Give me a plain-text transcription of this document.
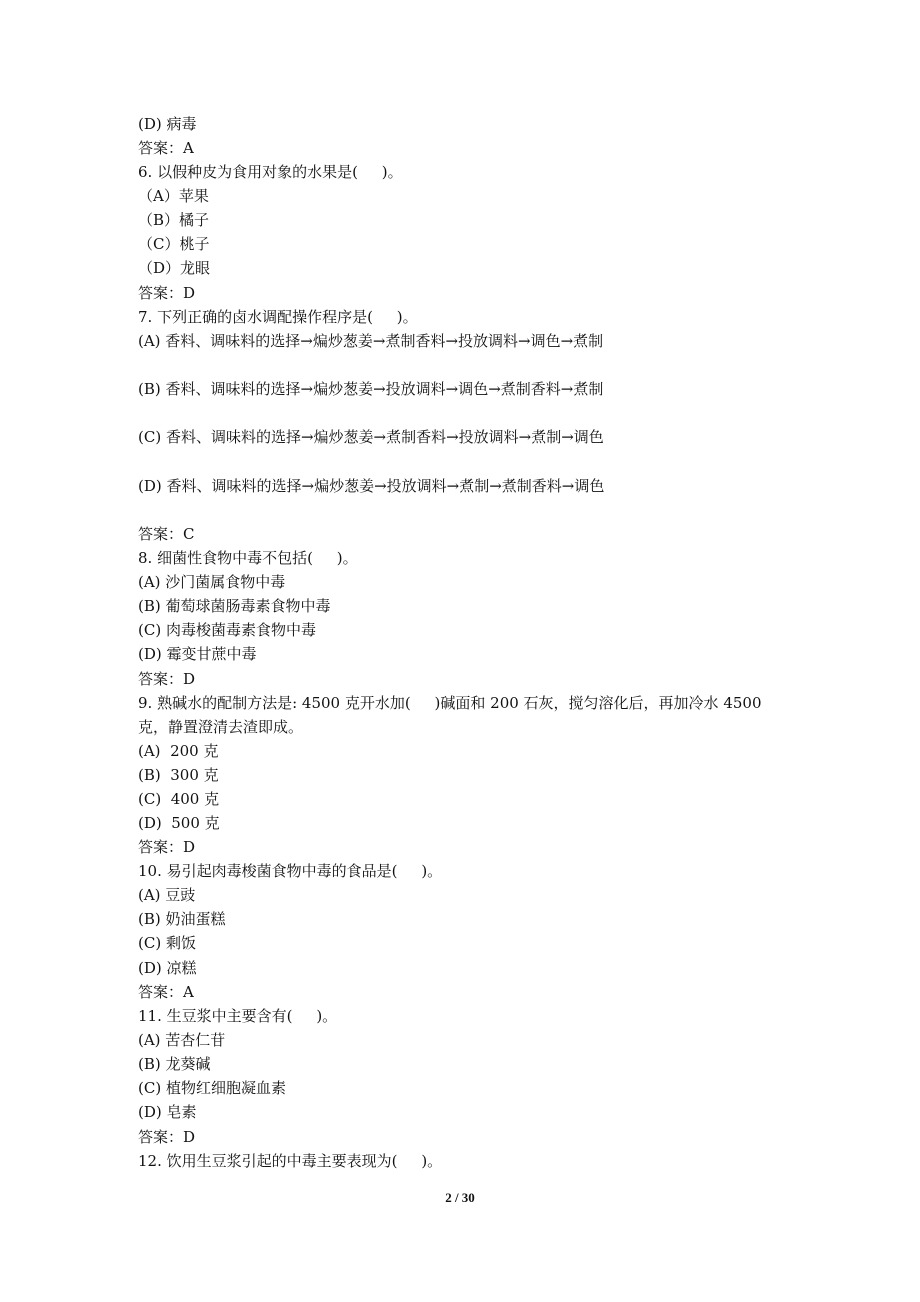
(D) 病毒
答案：A
6. 以假种皮为食用对象的水果是(     )。
（A）苹果
（B）橘子
（C）桃子
（D）龙眼
答案：D
7. 下列正确的卤水调配操作程序是(     )。
(A) 香料、调味料的选择→煸炒葱姜→煮制香料→投放调料→调色→煮制
(B) 香料、调味料的选择→煸炒葱姜→投放调料→调色→煮制香料→煮制
(C) 香料、调味料的选择→煸炒葱姜→煮制香料→投放调料→煮制→调色
(D) 香料、调味料的选择→煸炒葱姜→投放调料→煮制→煮制香料→调色
答案：C
8. 细菌性食物中毒不包括(     )。
(A) 沙门菌属食物中毒
(B) 葡萄球菌肠毒素食物中毒
(C) 肉毒梭菌毒素食物中毒
(D) 霉变甘蔗中毒
答案：D
9. 熟碱水的配制方法是: 4500 克开水加(     )碱面和 200 石灰，搅匀溶化后，再加冷水 4500
克，静置澄清去渣即成。
(A)  200 克
(B)  300 克
(C)  400 克
(D)  500 克
答案：D
10. 易引起肉毒梭菌食物中毒的食品是(     )。
(A) 豆豉
(B) 奶油蛋糕
(C) 剩饭
(D) 凉糕
答案：A
11. 生豆浆中主要含有(     )。
(A) 苦杏仁苷
(B) 龙葵碱
(C) 植物红细胞凝血素
(D) 皂素
答案：D
12. 饮用生豆浆引起的中毒主要表现为(     )。
2 / 30
